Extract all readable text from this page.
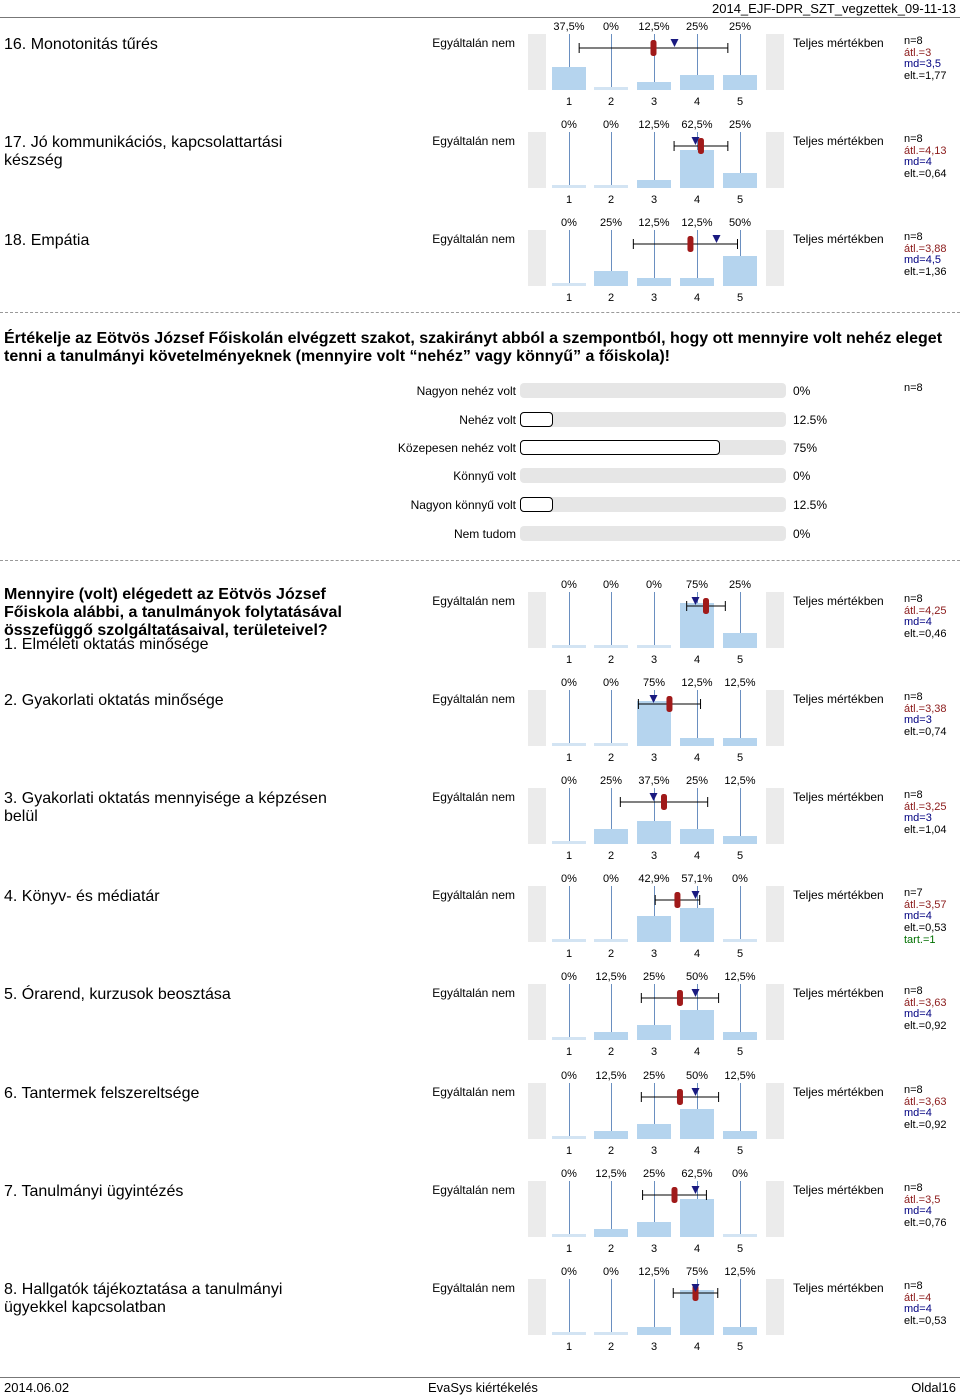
2014_EJF-DPR_SZT_vegzettek_09-11-13
16. Monotonitás tűrés	Egyáltalán nem	Teljes mértékben
37,5%	0%	12,5%	25%	25%
1	2	3	4	5
n=8
átl.=3
md=3,5
elt.=1,77
17. Jó kommunikációs, kapcsolattartási készség
Egyáltalán nem	Teljes mértékben
0%	0%	12,5%	62,5%	25%
1	2	3	4	5
n=8
átl.=4,13
md=4
elt.=0,64
18. Empátia	Egyáltalán nem	Teljes mértékben
0%	25%	12,5%	12,5%	50%
1	2	3	4	5
n=8
átl.=3,88
md=4,5
elt.=1,36
Értékelje az Eötvös József Főiskolán elvégzett szakot, szakirányt abból a szempontból, hogy ott mennyire volt nehéz eleget tenni a tanulmányi követelményeknek (mennyire volt “nehéz” vagy könnyű” a főiskola)!
n=8
Nagyon nehéz volt	0%
Nehéz volt	12.5%
Közepesen nehéz volt	75%
Könnyű volt	0%
Nagyon könnyű volt	12.5%
Nem tudom	0%
Mennyire (volt) elégedett az Eötvös József Főiskola alábbi, a tanulmányok folytatásával összefüggő szolgáltatásaival, területeivel?
1. Elméleti oktatás minősége
Egyáltalán nem	Teljes mértékben
0%	0%	0%	75%	25%
1	2	3	4	5
n=8
átl.=4,25
md=4
elt.=0,46
2. Gyakorlati oktatás minősége	Egyáltalán nem	Teljes mértékben
0%	0%	75%	12,5%	12,5%
1	2	3	4	5
n=8
átl.=3,38
md=3
elt.=0,74
3. Gyakorlati oktatás mennyisége a képzésen belül
Egyáltalán nem	Teljes mértékben
0%	25%	37,5%	25%	12,5%
1	2	3	4	5
n=8
átl.=3,25
md=3
elt.=1,04
4. Könyv- és médiatár	Egyáltalán nem	Teljes mértékben
0%	0%	42,9%	57,1%	0%
1	2	3	4	5
n=7
átl.=3,57
md=4
elt.=0,53
tart.=1
5. Órarend, kurzusok beosztása	Egyáltalán nem	Teljes mértékben
0%	12,5%	25%	50%	12,5%
1	2	3	4	5
n=8
átl.=3,63
md=4
elt.=0,92
6. Tantermek felszereltsége	Egyáltalán nem	Teljes mértékben
0%	12,5%	25%	50%	12,5%
1	2	3	4	5
n=8
átl.=3,63
md=4
elt.=0,92
7. Tanulmányi ügyintézés	Egyáltalán nem	Teljes mértékben
0%	12,5%	25%	62,5%	0%
1	2	3	4	5
n=8
átl.=3,5
md=4
elt.=0,76
8. Hallgatók tájékoztatása a tanulmányi ügyekkel kapcsolatban
Egyáltalán nem	Teljes mértékben
0%	0%	12,5%	75%	12,5%
1	2	3	4	5
n=8
átl.=4
md=4
elt.=0,53
2014.06.02	EvaSys kiértékelés	Oldal16
